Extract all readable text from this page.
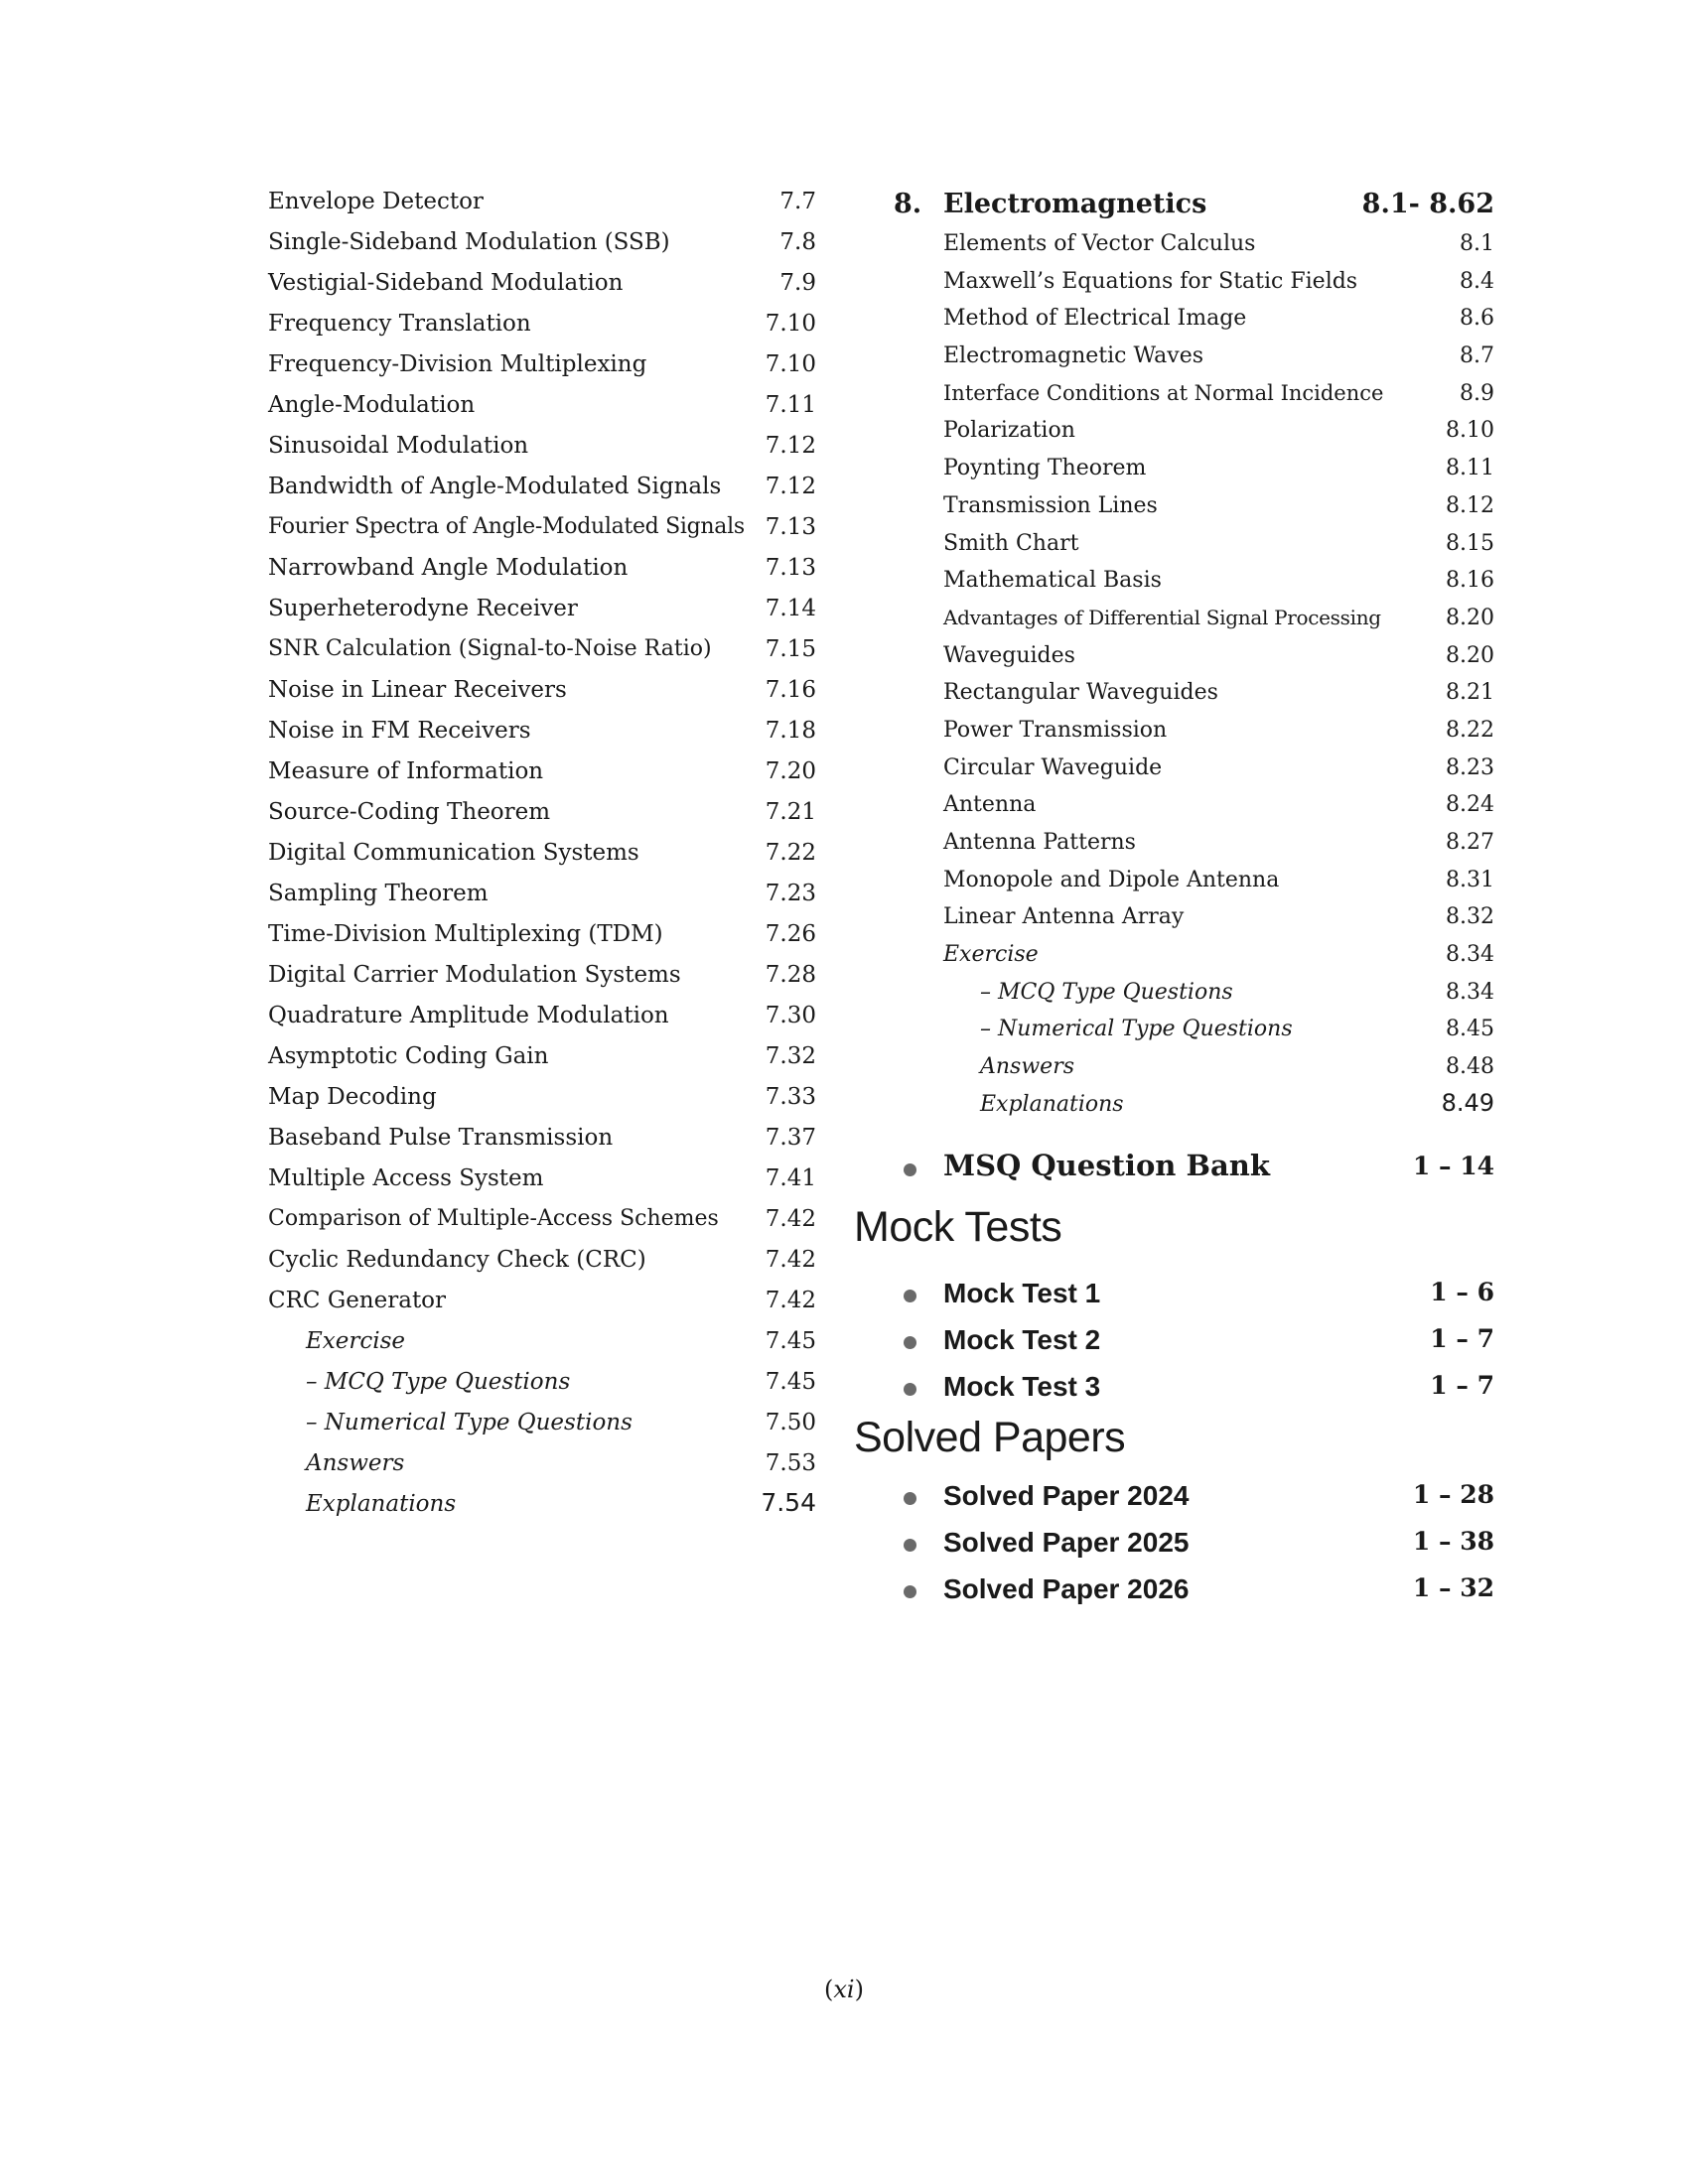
Envelope Detector	7.7
Single-Sideband Modulation (SSB)	7.8
Vestigial-Sideband Modulation	7.9
Frequency Translation	7.10
Frequency-Division Multiplexing	7.10
Angle-Modulation	7.11
Sinusoidal Modulation	7.12
Bandwidth of Angle-Modulated Signals 7.12
Fourier Spectra of Angle-Modulated Signals 7.13
Narrowband Angle Modulation	7.13
Superheterodyne Receiver	7.14
SNR Calculation (Signal-to-Noise Ratio) 7.15
Noise in Linear Receivers	7.16
Noise in FM Receivers	7.18
Measure of Information	7.20
Source-Coding Theorem	7.21
Digital Communication Systems	7.22
Sampling Theorem	7.23
Time-Division Multiplexing (TDM)	7.26
Digital Carrier Modulation Systems	7.28
Quadrature Amplitude Modulation	7.30
Asymptotic Coding Gain	7.32
Map Decoding	7.33
Baseband Pulse Transmission	7.37
Multiple Access System	7.41
Comparison of Multiple-Access Schemes 7.42
Cyclic Redundancy Check (CRC)	7.42
CRC Generator	7.42
Exercise	7.45
– MCQ Type Questions	7.45
– Numerical Type Questions	7.50
Answers	7.53
Explanations	7.54
8. Electromagnetics	8.1- 8.62
Elements of Vector Calculus	8.1
Maxwell’s Equations for Static Fields	8.4
Method of Electrical Image	8.6
Electromagnetic Waves	8.7
Interface Conditions at Normal Incidence	8.9
Polarization	8.10
Poynting Theorem	8.11
Transmission Lines	8.12
Smith Chart	8.15
Mathematical Basis	8.16
Advantages of Differential Signal Processing	8.20
Waveguides	8.20
Rectangular Waveguides	8.21
Power Transmission	8.22
Circular Waveguide	8.23
Antenna	8.24
Antenna Patterns	8.27
Monopole and Dipole Antenna	8.31
Linear Antenna Array	8.32
Exercise	8.34
– MCQ Type Questions	8.34
– Numerical Type Questions	8.45
Answers	8.48
Explanations	8.49
MSQ Question Bank	1 – 14
Mock Tests
Mock Test 1	1 – 6
Mock Test 2	1 – 7
Mock Test 3	1 – 7
Solved Papers
Solved Paper 2024	1 – 28
Solved Paper 2025	1 – 38
Solved Paper 2026	1 – 32
(xi)
